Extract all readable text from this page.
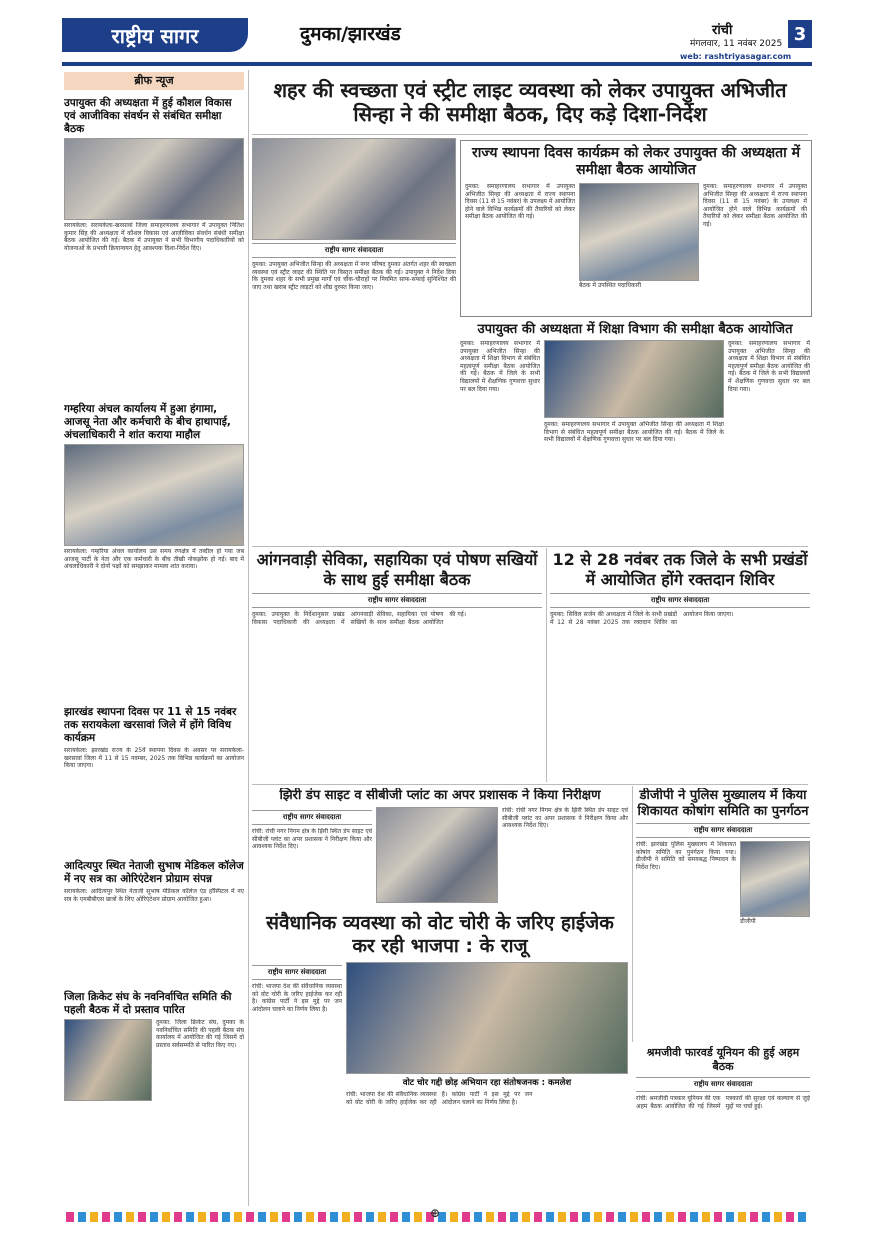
राष्ट्रीय सागर	दुमका/झारखंड	रांची
मंगलवार, 11 नवंबर 2025 3
web: rashtriyasagar.com
ब्रीफ न्यूज
उपायुक्त की अध्यक्षता में हुई कौशल विकास एवं आजीविका संवर्धन से संबंधित समीक्षा बैठक
सरायकेला: सरायकेला-खरसावां जिला समाहरणालय सभागार में उपायुक्त नितिश कुमार सिंह की अध्यक्षता में कौशल विकास एवं आजीविका संवर्धन संबंधी समीक्षा बैठक आयोजित की गई। बैठक में उपायुक्त ने सभी विभागीय पदाधिकारियों को योजनाओं के प्रभावी क्रियान्वयन हेतु आवश्यक दिशा-निर्देश दिए।
गम्हरिया अंचल कार्यालय में हुआ हंगामा, आजसू नेता और कर्मचारी के बीच हाथापाई, अंचलाधिकारी ने शांत कराया माहौल
सरायकेला: गम्हरिया अंचल कार्यालय उस समय रणक्षेत्र में तब्दील हो गया जब आजसू पार्टी के नेता और एक कर्मचारी के बीच तीखी नोकझोंक हो गई। बाद में अंचलाधिकारी ने दोनों पक्षों को समझाकर मामला शांत कराया।
झारखंड स्थापना दिवस पर 11 से 15 नवंबर तक सरायकेला खरसावां जिले में होंगे विविध कार्यक्रम
सरायकेला: झारखंड राज्य के 25वें स्थापना दिवस के अवसर पर सरायकेला-खरसावां जिला में 11 से 15 नवम्बर, 2025 तक विभिन्न कार्यक्रमों का आयोजन किया जाएगा।
आदित्यपुर स्थित नेताजी सुभाष मेडिकल कॉलेज में नए सत्र का ओरिएंटेशन प्रोग्राम संपन्न
सरायकेला: आदित्यपुर स्थित नेताजी सुभाष मेडिकल कॉलेज एंड हॉस्पिटल में नए सत्र के एमबीबीएस छात्रों के लिए ओरिएंटेशन प्रोग्राम आयोजित हुआ।
जिला क्रिकेट संघ के नवनिर्वाचित समिति की पहली बैठक में दो प्रस्ताव पारित
दुमका: जिला क्रिकेट संघ, दुमका के नवनिर्वाचित समिति की पहली बैठक संघ कार्यालय में आयोजित की गई जिसमें दो प्रस्ताव सर्वसम्मति से पारित किए गए।
शहर की स्वच्छता एवं स्ट्रीट लाइट व्यवस्था को लेकर उपायुक्त अभिजीत सिन्हा ने की समीक्षा बैठक, दिए कड़े दिशा-निर्देश
राष्ट्रीय सागर संवाददाता
दुमका: उपायुक्त अभिजीत सिन्हा की अध्यक्षता में नगर परिषद दुमका अंतर्गत शहर की स्वच्छता व्यवस्था एवं स्ट्रीट लाइट की स्थिति पर विस्तृत समीक्षा बैठक की गई। उपायुक्त ने निर्देश दिया कि दुमका शहर के सभी प्रमुख मार्गों एवं चौक-चौराहों पर नियमित साफ-सफाई सुनिश्चित की जाए तथा खराब स्ट्रीट लाइटों को शीघ्र दुरुस्त किया जाए।
राज्य स्थापना दिवस कार्यक्रम को लेकर उपायुक्त की अध्यक्षता में समीक्षा बैठक आयोजित
दुमका: समाहरणालय सभागार में उपायुक्त अभिजीत सिन्हा की अध्यक्षता में राज्य स्थापना दिवस (11 से 15 नवंबर) के उपलक्ष्य में आयोजित होने वाले विभिन्न कार्यक्रमों की तैयारियों को लेकर समीक्षा बैठक आयोजित की गई।
बैठक में उपस्थित पदाधिकारी
दुमका: समाहरणालय सभागार में उपायुक्त अभिजीत सिन्हा की अध्यक्षता में राज्य स्थापना दिवस (11 से 15 नवंबर) के उपलक्ष्य में आयोजित होने वाले विभिन्न कार्यक्रमों की तैयारियों को लेकर समीक्षा बैठक आयोजित की गई।
उपायुक्त की अध्यक्षता में शिक्षा विभाग की समीक्षा बैठक आयोजित
दुमका: समाहरणालय सभागार में उपायुक्त अभिजीत सिन्हा की अध्यक्षता में शिक्षा विभाग से संबंधित महत्वपूर्ण समीक्षा बैठक आयोजित की गई। बैठक में जिले के सभी विद्यालयों में शैक्षणिक गुणवत्ता सुधार पर बल दिया गया।
दुमका: समाहरणालय सभागार में उपायुक्त अभिजीत सिन्हा की अध्यक्षता में शिक्षा विभाग से संबंधित महत्वपूर्ण समीक्षा बैठक आयोजित की गई। बैठक में जिले के सभी विद्यालयों में शैक्षणिक गुणवत्ता सुधार पर बल दिया गया।
दुमका: समाहरणालय सभागार में उपायुक्त अभिजीत सिन्हा की अध्यक्षता में शिक्षा विभाग से संबंधित महत्वपूर्ण समीक्षा बैठक आयोजित की गई। बैठक में जिले के सभी विद्यालयों में शैक्षणिक गुणवत्ता सुधार पर बल दिया गया।
आंगनवाड़ी सेविका, सहायिका एवं पोषण सखियों के साथ हुई समीक्षा बैठक
राष्ट्रीय सागर संवाददाता
दुमका: उपायुक्त के निर्देशानुसार प्रखंड विकास पदाधिकारी की अध्यक्षता में आंगनवाड़ी सेविका, सहायिका एवं पोषण सखियों के साथ समीक्षा बैठक आयोजित की गई।
12 से 28 नवंबर तक जिले के सभी प्रखंडों में आयोजित होंगे रक्तदान शिविर
राष्ट्रीय सागर संवाददाता
दुमका: सिविल सर्जन की अध्यक्षता में जिले के सभी प्रखंडों में 12 से 28 नवंबर 2025 तक रक्तदान शिविर का आयोजन किया जाएगा।
झिरी डंप साइट व सीबीजी प्लांट का अपर प्रशासक ने किया निरीक्षण
राष्ट्रीय सागर संवाददाता
रांची: रांची नगर निगम क्षेत्र के झिरी स्थित डंप साइट एवं सीबीजी प्लांट का अपर प्रशासक ने निरीक्षण किया और आवश्यक निर्देश दिए।
रांची: रांची नगर निगम क्षेत्र के झिरी स्थित डंप साइट एवं सीबीजी प्लांट का अपर प्रशासक ने निरीक्षण किया और आवश्यक निर्देश दिए।
डीजीपी ने पुलिस मुख्यालय में किया शिकायत कोषांग समिति का पुनर्गठन
राष्ट्रीय सागर संवाददाता
रांची: झारखंड पुलिस मुख्यालय में शिकायत कोषांग समिति का पुनर्गठन किया गया। डीजीपी ने समिति को समयबद्ध निष्पादन के निर्देश दिए।
डीजीपी
संवैधानिक व्यवस्था को वोट चोरी के जरिए हाईजेक कर रही भाजपा : के राजू
राष्ट्रीय सागर संवाददाता
रांची: भाजपा देश की संवैधानिक व्यवस्था को वोट चोरी के जरिए हाईजेक कर रही है। कांग्रेस पार्टी ने इस मुद्दे पर जन आंदोलन चलाने का निर्णय लिया है।
वोट चोर गद्दी छोड़ अभियान रहा संतोषजनक : कमलेश
रांची: भाजपा देश की संवैधानिक व्यवस्था को वोट चोरी के जरिए हाईजेक कर रही है। कांग्रेस पार्टी ने इस मुद्दे पर जन आंदोलन चलाने का निर्णय लिया है।
श्रमजीवी फारवर्ड यूनियन की हुई अहम बैठक
राष्ट्रीय सागर संवाददाता
रांची: श्रमजीवी पत्रकार यूनियन की एक अहम बैठक आयोजित की गई जिसमें पत्रकारों की सुरक्षा एवं कल्याण से जुड़े मुद्दों पर चर्चा हुई।
⊕
